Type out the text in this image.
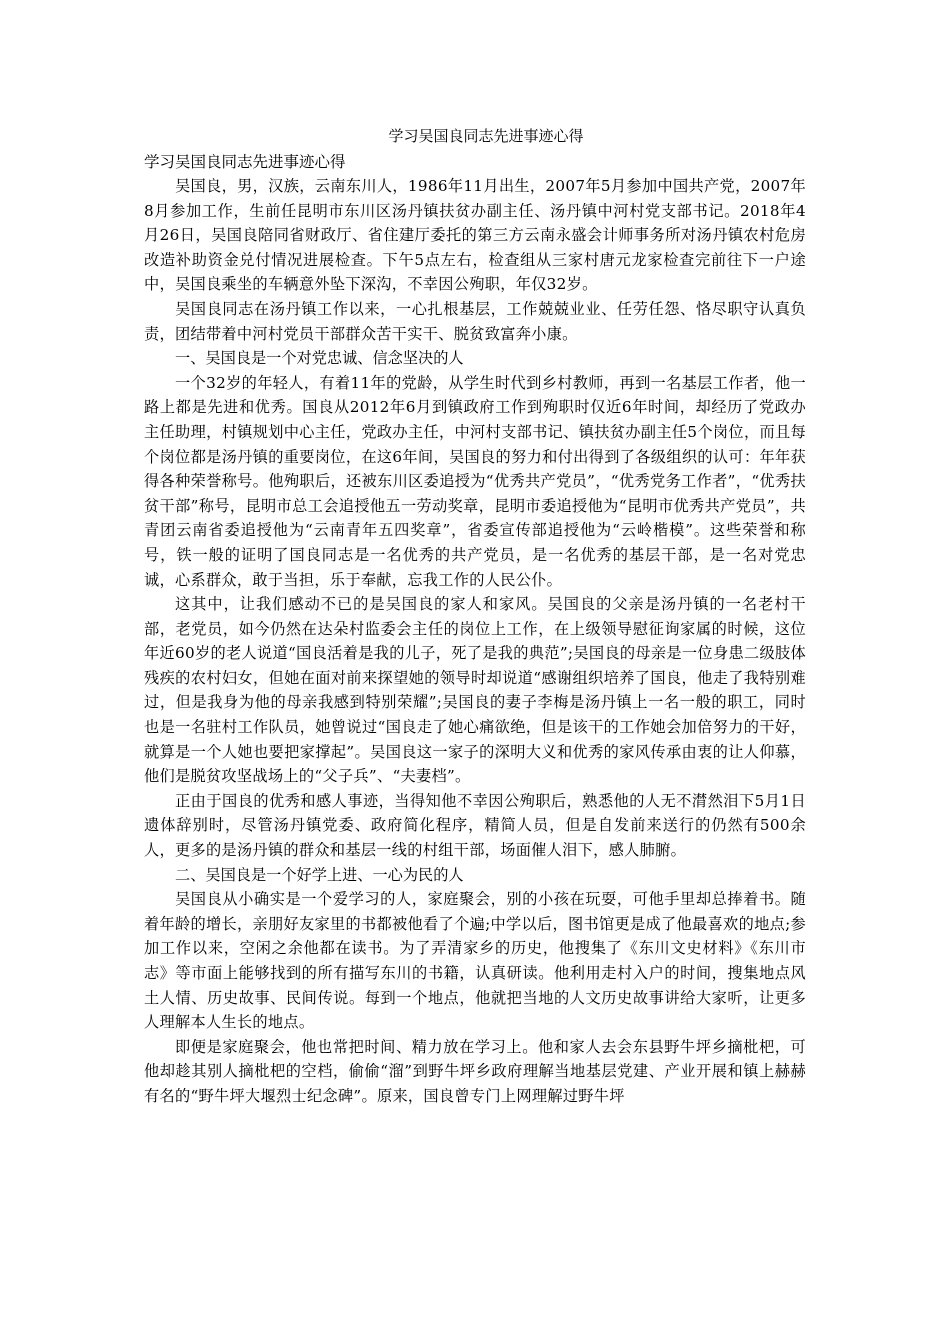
学习吴国良同志先进事迹心得

学习吴国良同志先进事迹心得

吴国良，男，汉族，云南东川人，1986年11月出生，2007年5月参加中国共产党，2007年8月参加工作，生前任昆明市东川区汤丹镇扶贫办副主任、汤丹镇中河村党支部书记。2018年4月26日，吴国良陪同省财政厅、省住建厅委托的第三方云南永盛会计师事务所对汤丹镇农村危房改造补助资金兑付情况进展检查。下午5点左右，检查组从三家村唐元龙家检查完前往下一户途中，吴国良乘坐的车辆意外坠下深沟，不幸因公殉职，年仅32岁。

吴国良同志在汤丹镇工作以来，一心扎根基层，工作兢兢业业、任劳任怨、恪尽职守认真负责，团结带着中河村党员干部群众苦干实干、脱贫致富奔小康。

一、吴国良是一个对党忠诚、信念坚决的人

一个32岁的年轻人，有着11年的党龄，从学生时代到乡村教师，再到一名基层工作者，他一路上都是先进和优秀。国良从2012年6月到镇政府工作到殉职时仅近6年时间，却经历了党政办主任助理，村镇规划中心主任，党政办主任，中河村支部书记、镇扶贫办副主任5个岗位，而且每个岗位都是汤丹镇的重要岗位，在这6年间，吴国良的努力和付出得到了各级组织的认可：年年获得各种荣誉称号。他殉职后，还被东川区委追授为“优秀共产党员”，“优秀党务工作者”，“优秀扶贫干部”称号，昆明市总工会追授他五一劳动奖章，昆明市委追授他为“昆明市优秀共产党员”，共青团云南省委追授他为“云南青年五四奖章”，省委宣传部追授他为“云岭楷模”。这些荣誉和称号，铁一般的证明了国良同志是一名优秀的共产党员，是一名优秀的基层干部，是一名对党忠诚，心系群众，敢于当担，乐于奉献，忘我工作的人民公仆。

这其中，让我们感动不已的是吴国良的家人和家风。吴国良的父亲是汤丹镇的一名老村干部，老党员，如今仍然在达朵村监委会主任的岗位上工作，在上级领导慰征询家属的时候，这位年近60岁的老人说道“国良活着是我的儿子，死了是我的典范”;吴国良的母亲是一位身患二级肢体残疾的农村妇女，但她在面对前来探望她的领导时却说道“感谢组织培养了国良，他走了我特别难过，但是我身为他的母亲我感到特别荣耀”;吴国良的妻子李梅是汤丹镇上一名一般的职工，同时也是一名驻村工作队员，她曾说过“国良走了她心痛欲绝，但是该干的工作她会加倍努力的干好，就算是一个人她也要把家撑起”。吴国良这一家子的深明大义和优秀的家风传承由衷的让人仰慕，他们是脱贫攻坚战场上的“父子兵”、“夫妻档”。

正由于国良的优秀和感人事迹，当得知他不幸因公殉职后，熟悉他的人无不潸然泪下5月1日遗体辞别时，尽管汤丹镇党委、政府简化程序，精简人员，但是自发前来送行的仍然有500余人，更多的是汤丹镇的群众和基层一线的村组干部，场面催人泪下，感人肺腑。

二、吴国良是一个好学上进、一心为民的人

吴国良从小确实是一个爱学习的人，家庭聚会，别的小孩在玩耍，可他手里却总捧着书。随着年龄的增长，亲朋好友家里的书都被他看了个遍;中学以后，图书馆更是成了他最喜欢的地点;参加工作以来，空闲之余他都在读书。为了弄清家乡的历史，他搜集了《东川文史材料》《东川市志》等市面上能够找到的所有描写东川的书籍，认真研读。他利用走村入户的时间，搜集地点风土人情、历史故事、民间传说。每到一个地点，他就把当地的人文历史故事讲给大家听，让更多人理解本人生长的地点。

即便是家庭聚会，他也常把时间、精力放在学习上。他和家人去会东县野牛坪乡摘枇杷，可他却趁其别人摘枇杷的空档，偷偷“溜”到野牛坪乡政府理解当地基层党建、产业开展和镇上赫赫有名的“野牛坪大堰烈士纪念碑”。原来，国良曾专门上网理解过野牛坪
